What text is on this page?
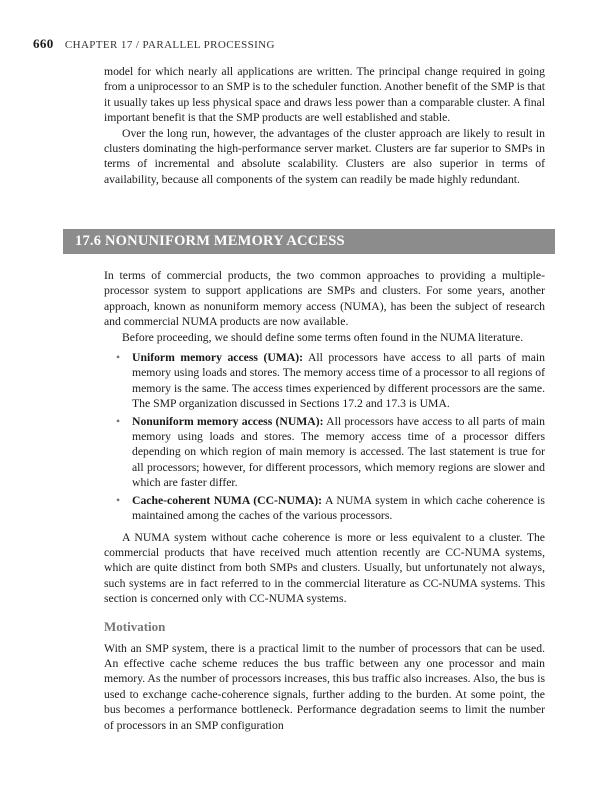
660 CHAPTER 17 / PARALLEL PROCESSING

model for which nearly all applications are written. The principal change required in going from a uniprocessor to an SMP is to the scheduler function. Another benefit of the SMP is that it usually takes up less physical space and draws less power than a comparable cluster. A final important benefit is that the SMP products are well established and stable.

Over the long run, however, the advantages of the cluster approach are likely to result in clusters dominating the high-performance server market. Clusters are far superior to SMPs in terms of incremental and absolute scalability. Clusters are also superior in terms of availability, because all components of the system can readily be made highly redundant.

17.6 NONUNIFORM MEMORY ACCESS

In terms of commercial products, the two common approaches to providing a multiple-processor system to support applications are SMPs and clusters. For some years, another approach, known as nonuniform memory access (NUMA), has been the subject of research and commercial NUMA products are now available.

Before proceeding, we should define some terms often found in the NUMA literature.

• Uniform memory access (UMA): All processors have access to all parts of main memory using loads and stores. The memory access time of a processor to all regions of memory is the same. The access times experienced by different processors are the same. The SMP organization discussed in Sections 17.2 and 17.3 is UMA.
• Nonuniform memory access (NUMA): All processors have access to all parts of main memory using loads and stores. The memory access time of a processor differs depending on which region of main memory is accessed. The last statement is true for all processors; however, for different processors, which memory regions are slower and which are faster differ.
• Cache-coherent NUMA (CC-NUMA): A NUMA system in which cache coherence is maintained among the caches of the various processors.

A NUMA system without cache coherence is more or less equivalent to a cluster. The commercial products that have received much attention recently are CC-NUMA systems, which are quite distinct from both SMPs and clusters. Usually, but unfortunately not always, such systems are in fact referred to in the commercial literature as CC-NUMA systems. This section is concerned only with CC-NUMA systems.

Motivation

With an SMP system, there is a practical limit to the number of processors that can be used. An effective cache scheme reduces the bus traffic between any one processor and main memory. As the number of processors increases, this bus traffic also increases. Also, the bus is used to exchange cache-coherence signals, further adding to the burden. At some point, the bus becomes a performance bottleneck. Performance degradation seems to limit the number of processors in an SMP configuration
